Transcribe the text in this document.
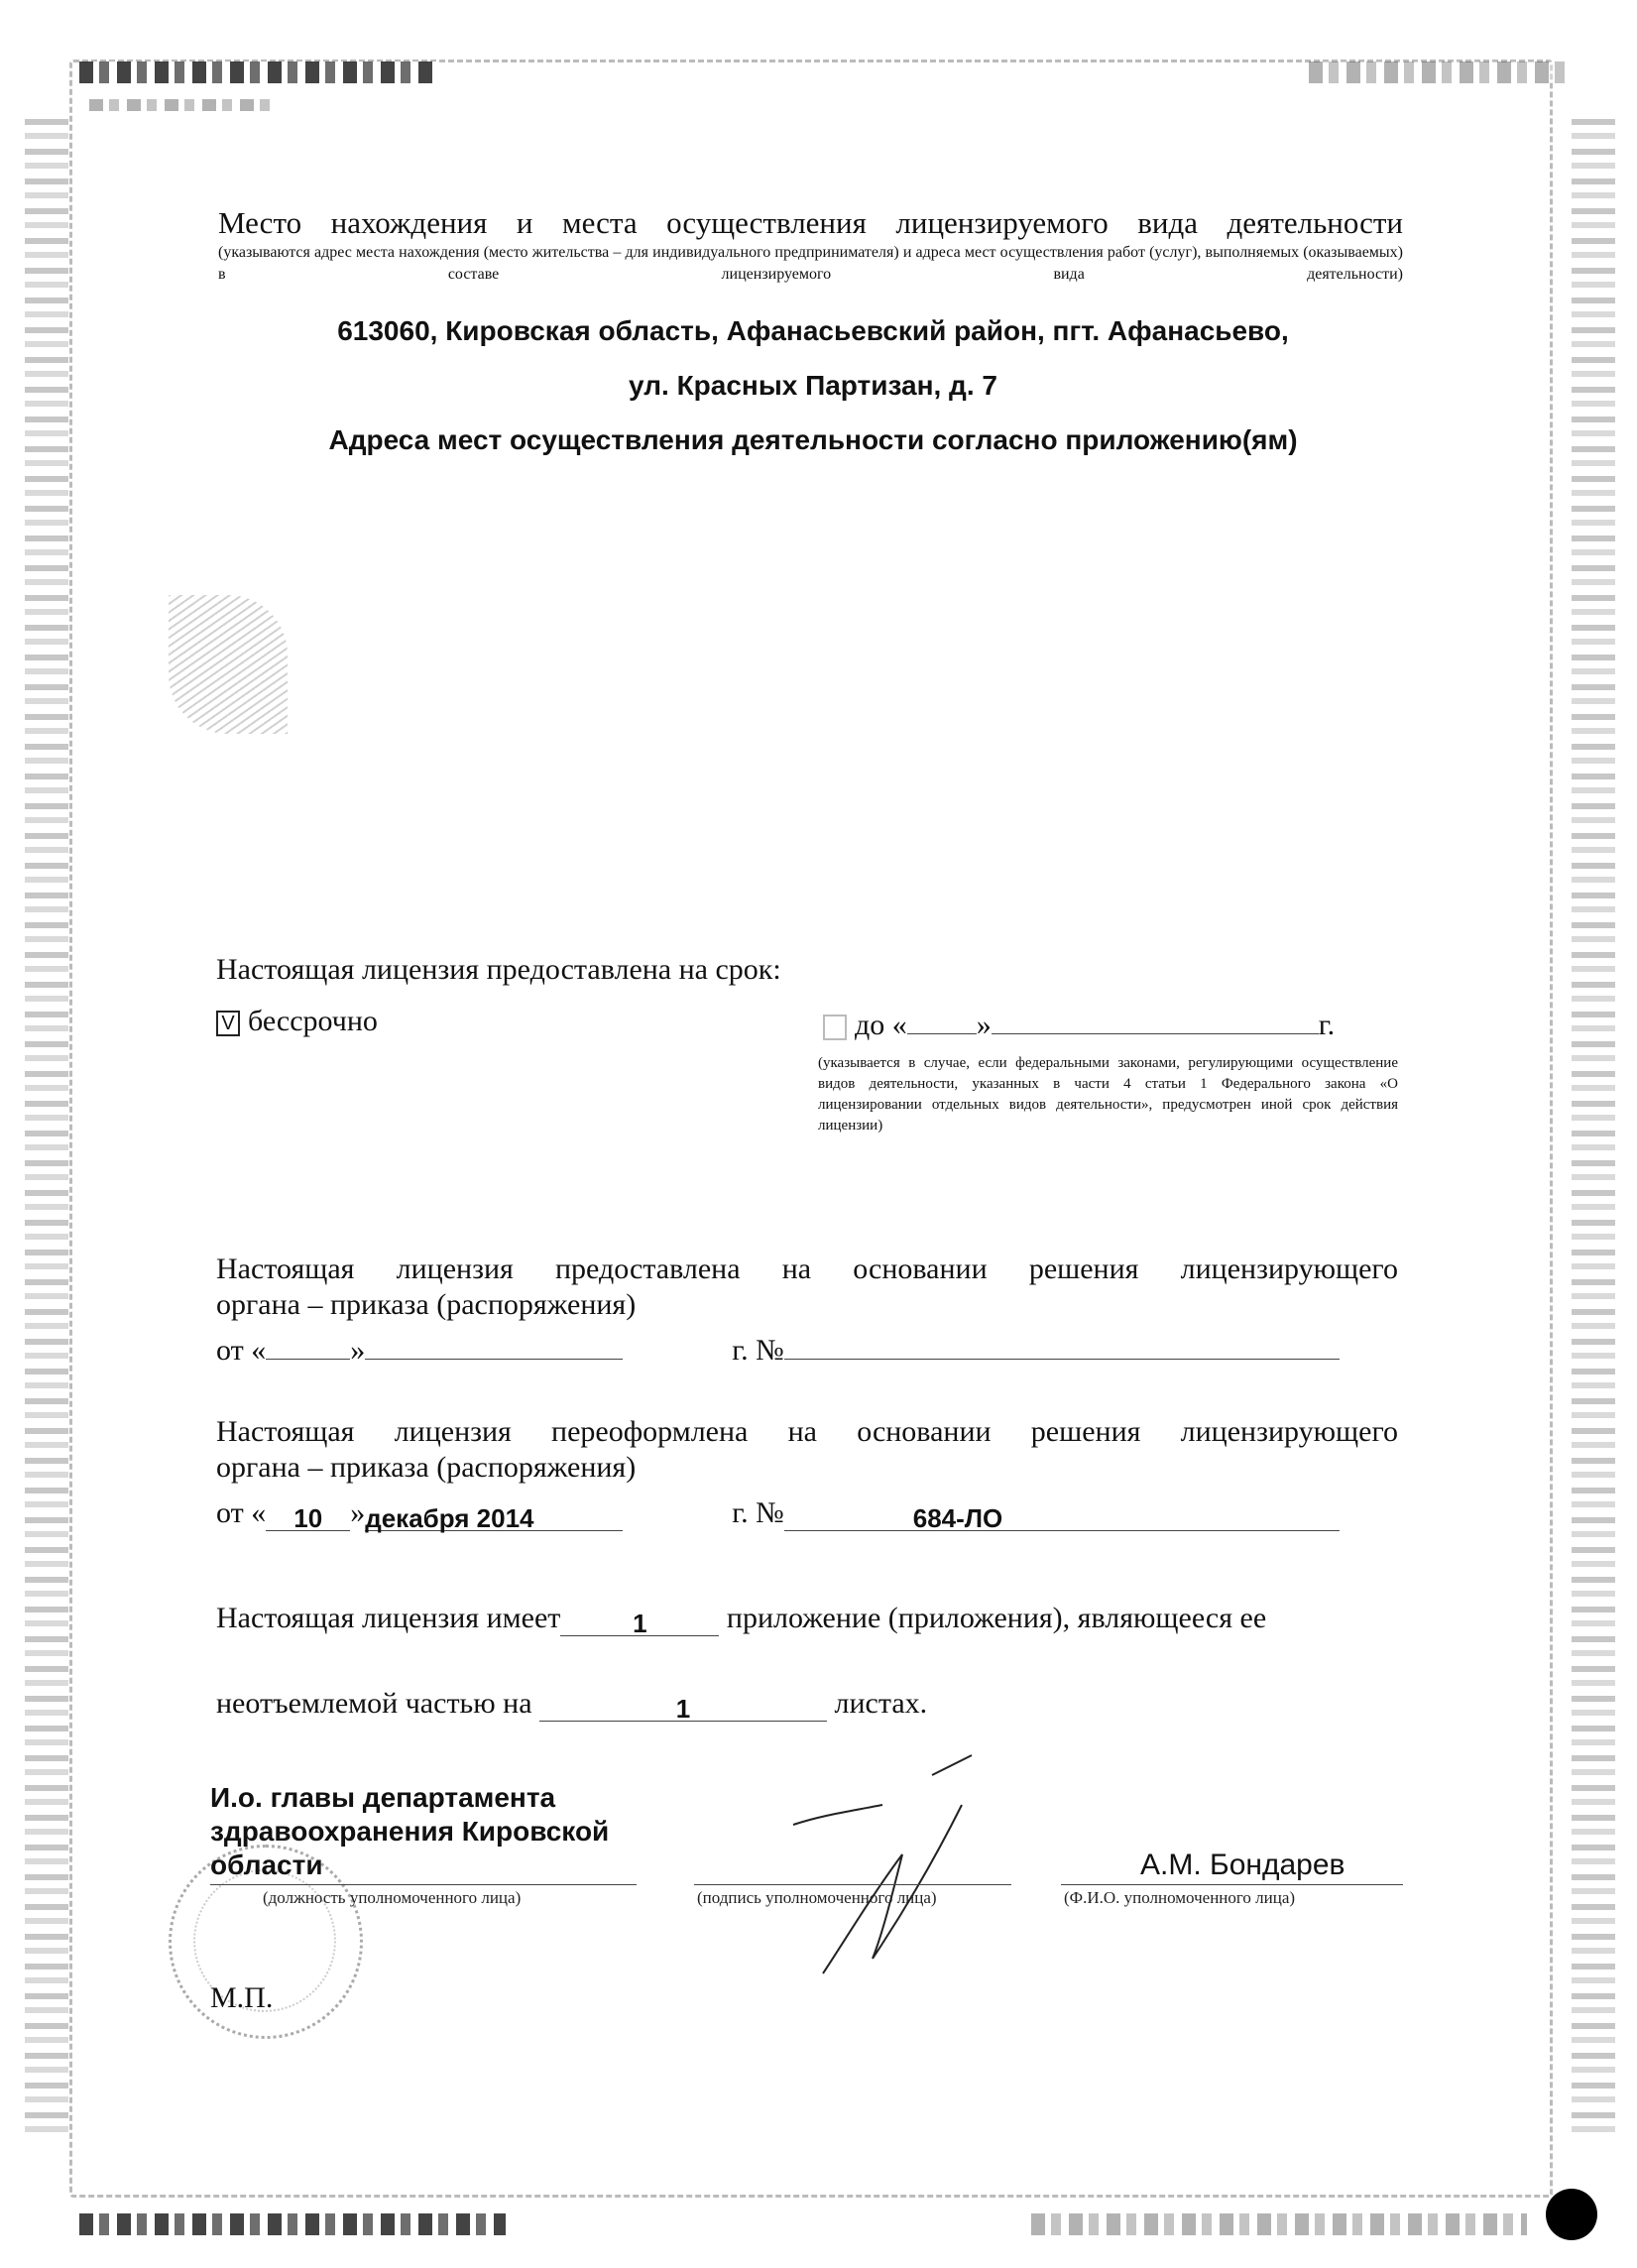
Место нахождения и места осуществления лицензируемого вида деятельности
(указываются адрес места нахождения (место жительства – для индивидуального предпринимателя) и адреса мест осуществления работ (услуг), выполняемых (оказываемых) в составе лицензируемого вида деятельности)
613060, Кировская область, Афанасьевский район, пгт. Афанасьево,
ул. Красных Партизан, д. 7
Адреса мест осуществления деятельности согласно приложению(ям)
Настоящая лицензия предоставлена на срок:
V бессрочно	до « »	г.
(указывается в случае, если федеральными законами, регулирующими осуществление видов деятельности, указанных в части 4 статьи 1 Федерального закона «О лицензировании отдельных видов деятельности», предусмотрен иной срок действия лицензии)
Настоящая лицензия предоставлена на основании решения лицензирующего
органа – приказа (распоряжения)
от «	»	г. №
Настоящая лицензия переоформлена на основании решения лицензирующего
органа – приказа (распоряжения)
от « 10 »декабря 2014	г. №	684-ЛО
Настоящая лицензия имеет	1	приложение (приложения), являющееся ее
неотъемлемой частью на	1	листах.
И.о. главы департамента
здравоохранения Кировской
области
(должность уполномоченного лица)	(подпись уполномоченного лица)
А.М. Бондарев
(Ф.И.О. уполномоченного лица)
М.П.
